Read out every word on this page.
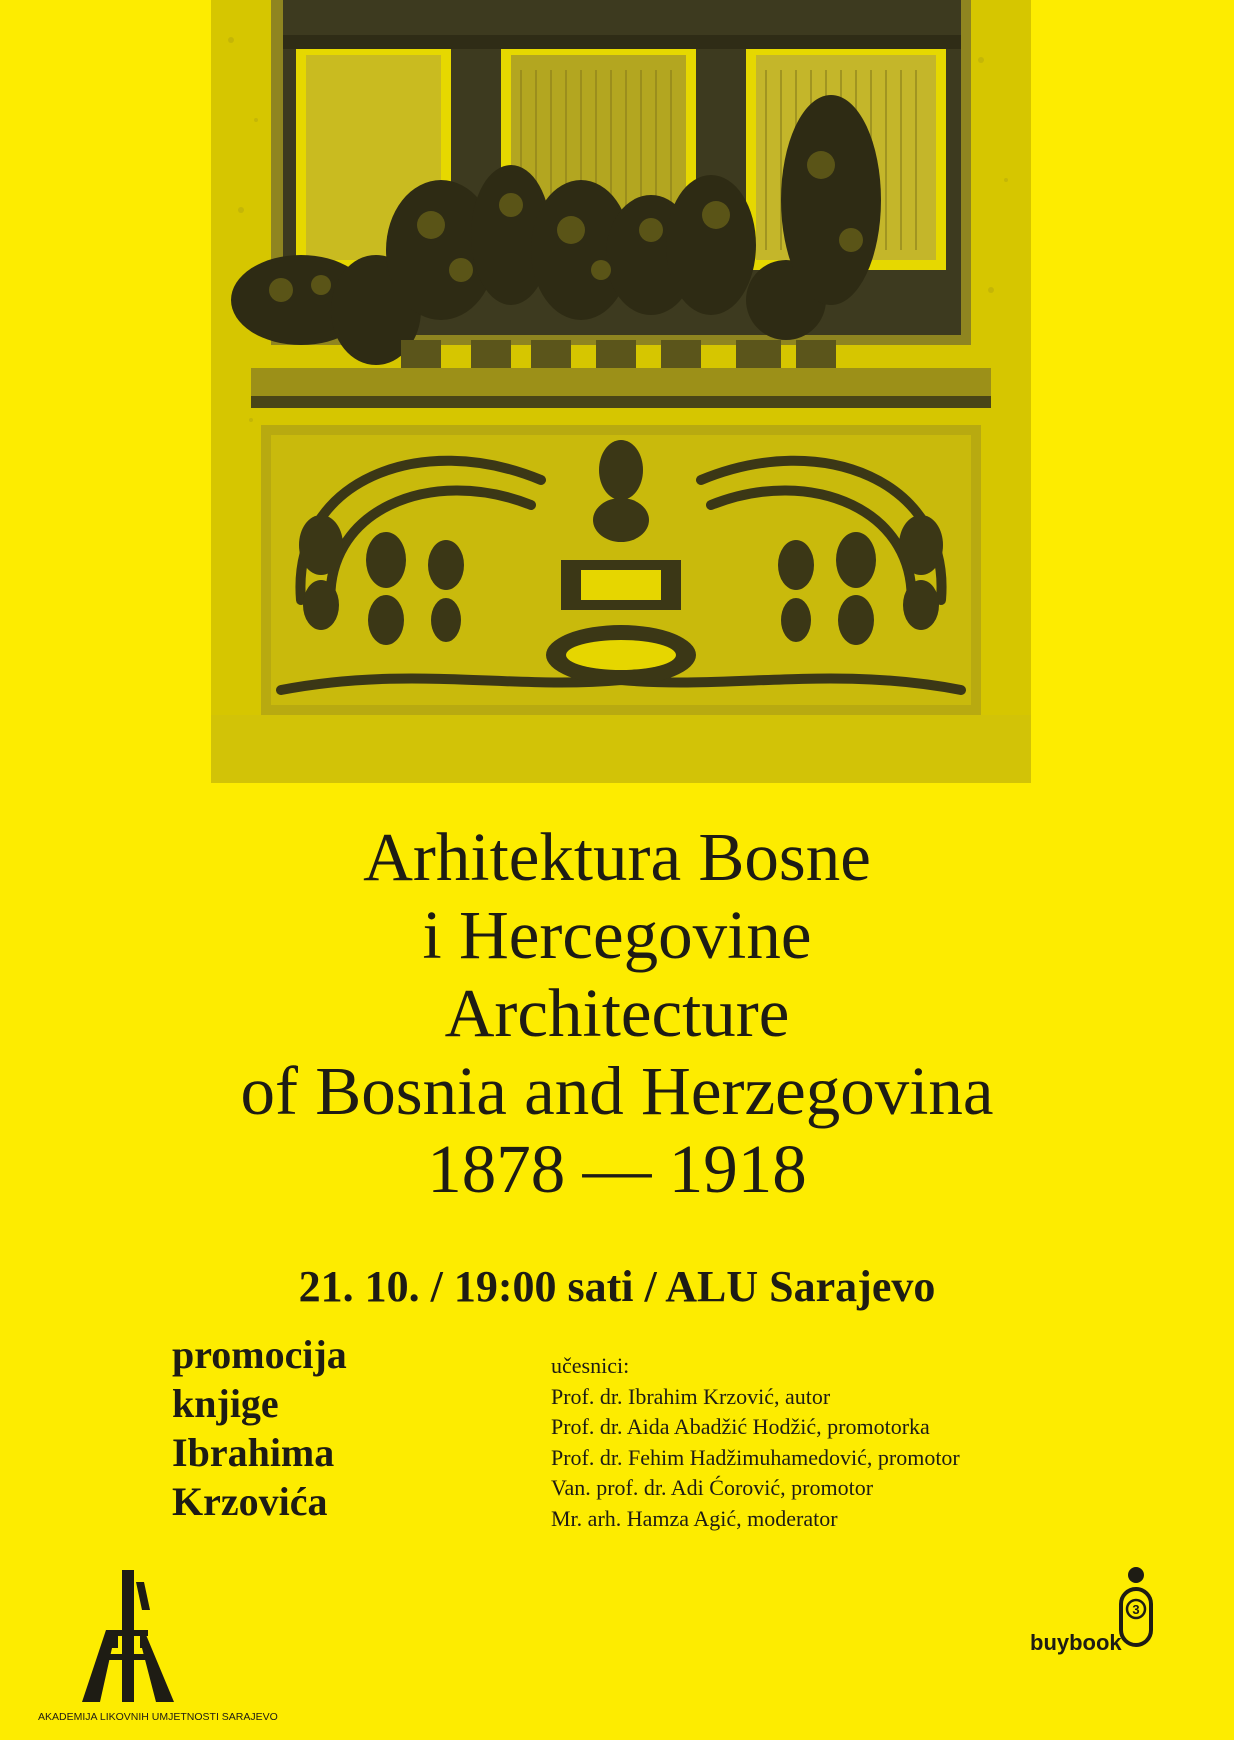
Arhitektura Bosne
i Hercegovine
Architecture
of Bosnia and Herzegovina
1878 — 1918
21. 10. / 19:00 sati / ALU Sarajevo
promocija
knjige
Ibrahima
Krzovića
učesnici:
Prof. dr. Ibrahim Krzović, autor
Prof. dr. Aida Abadžić Hodžić, promotorka
Prof. dr. Fehim Hadžimuhamedović, promotor
Van. prof. dr. Adi Ćorović, promotor
Mr. arh. Hamza Agić, moderator
AKADEMIJA LIKOVNIH UMJETNOSTI SARAJEVO
3
buybook
